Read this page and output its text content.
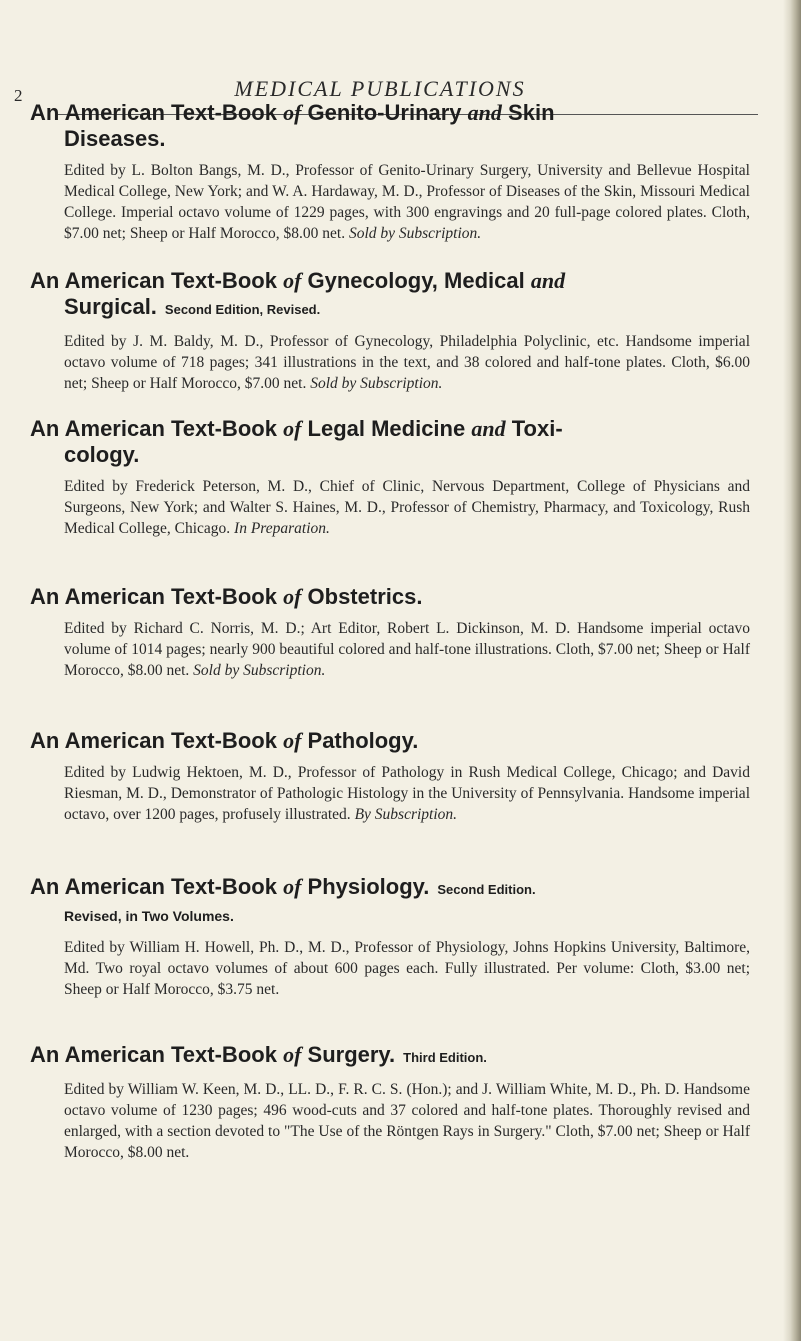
2	MEDICAL PUBLICATIONS
An American Text-Book of Genito-Urinary and Skin
Diseases.
Edited by L. Bolton Bangs, M. D., Professor of Genito-Urinary Surgery, University and Bellevue Hospital Medical College, New York; and W. A. Hardaway, M. D., Professor of Diseases of the Skin, Missouri Medical College. Imperial octavo volume of 1229 pages, with 300 engravings and 20 full-page colored plates. Cloth, $7.00 net; Sheep or Half Morocco, $8.00 net. Sold by Subscription.
An American Text-Book of Gynecology, Medical and
Surgical. Second Edition, Revised.
Edited by J. M. Baldy, M. D., Professor of Gynecology, Philadelphia Polyclinic, etc. Handsome imperial octavo volume of 718 pages; 341 illustrations in the text, and 38 colored and half-tone plates. Cloth, $6.00 net; Sheep or Half Morocco, $7.00 net. Sold by Subscription.
An American Text-Book of Legal Medicine and Toxi-
cology.
Edited by Frederick Peterson, M. D., Chief of Clinic, Nervous Department, College of Physicians and Surgeons, New York; and Walter S. Haines, M. D., Professor of Chemistry, Pharmacy, and Toxicology, Rush Medical College, Chicago. In Preparation.
An American Text-Book of Obstetrics.
Edited by Richard C. Norris, M. D.; Art Editor, Robert L. Dickinson, M. D. Handsome imperial octavo volume of 1014 pages; nearly 900 beautiful colored and half-tone illustrations. Cloth, $7.00 net; Sheep or Half Morocco, $8.00 net. Sold by Subscription.
An American Text-Book of Pathology.
Edited by Ludwig Hektoen, M. D., Professor of Pathology in Rush Medical College, Chicago; and David Riesman, M. D., Demonstrator of Pathologic Histology in the University of Pennsylvania. Handsome imperial octavo, over 1200 pages, profusely illustrated. By Subscription.
An American Text-Book of Physiology. Second Edition.
Revised, in Two Volumes.
Edited by William H. Howell, Ph. D., M. D., Professor of Physiology, Johns Hopkins University, Baltimore, Md. Two royal octavo volumes of about 600 pages each. Fully illustrated. Per volume: Cloth, $3.00 net; Sheep or Half Morocco, $3.75 net.
An American Text-Book of Surgery. Third Edition.
Edited by William W. Keen, M. D., LL. D., F. R. C. S. (Hon.); and J. William White, M. D., Ph. D. Handsome octavo volume of 1230 pages; 496 wood-cuts and 37 colored and half-tone plates. Thoroughly revised and enlarged, with a section devoted to "The Use of the Röntgen Rays in Surgery." Cloth, $7.00 net; Sheep or Half Morocco, $8.00 net.
